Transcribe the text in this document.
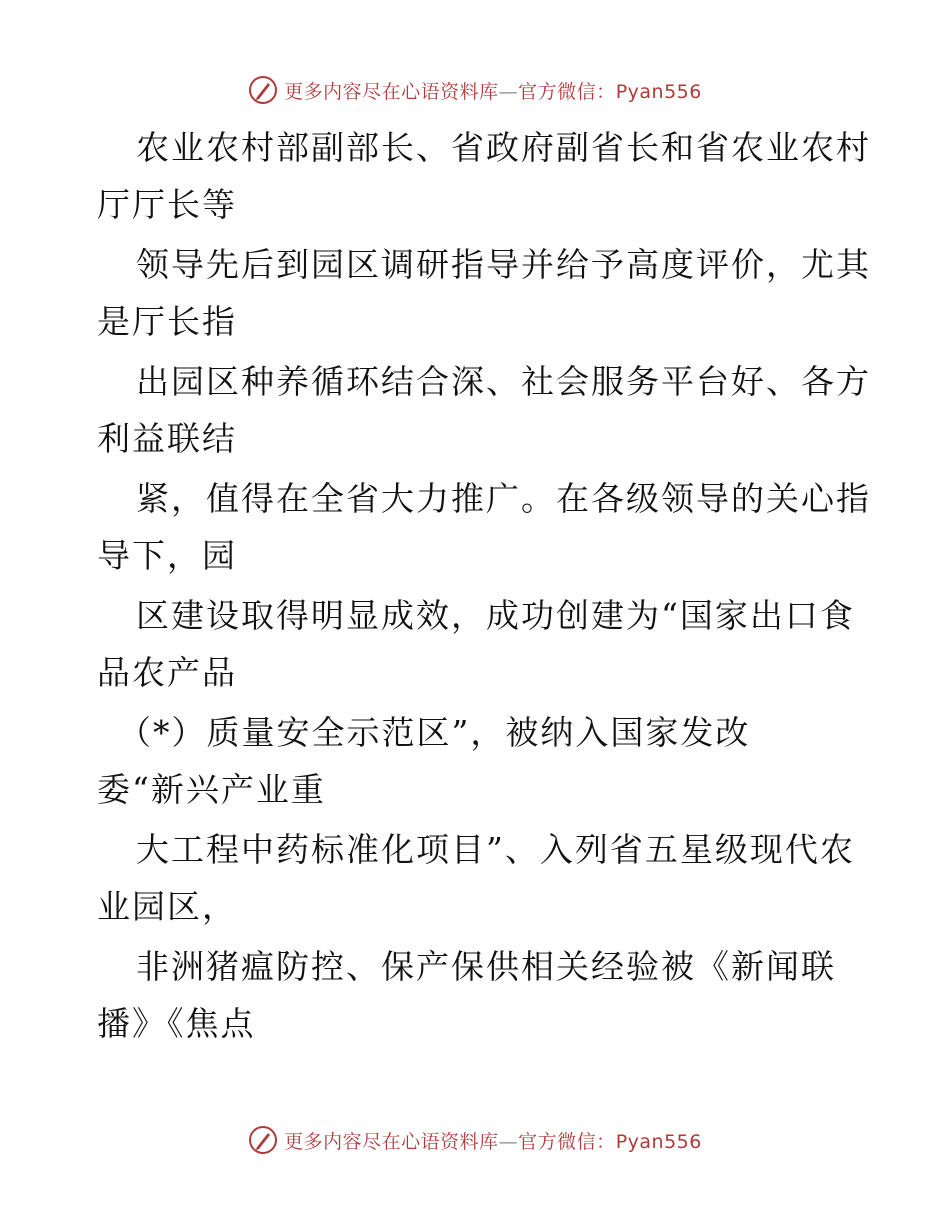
更多内容尽在心语资料库—官方微信：Pyan556
农业农村部副部长、省政府副省长和省农业农村
厅厅长等
领导先后到园区调研指导并给予高度评价，尤其
是厅长指
出园区种养循环结合深、社会服务平台好、各方
利益联结
紧，值得在全省大力推广。在各级领导的关心指
导下，园
区建设取得明显成效，成功创建为“国家出口食
品农产品
（*）质量安全示范区”，被纳入国家发改
委“新兴产业重
大工程中药标准化项目”、入列省五星级现代农
业园区，
非洲猪瘟防控、保产保供相关经验被《新闻联
播》《焦点
更多内容尽在心语资料库—官方微信：Pyan556
